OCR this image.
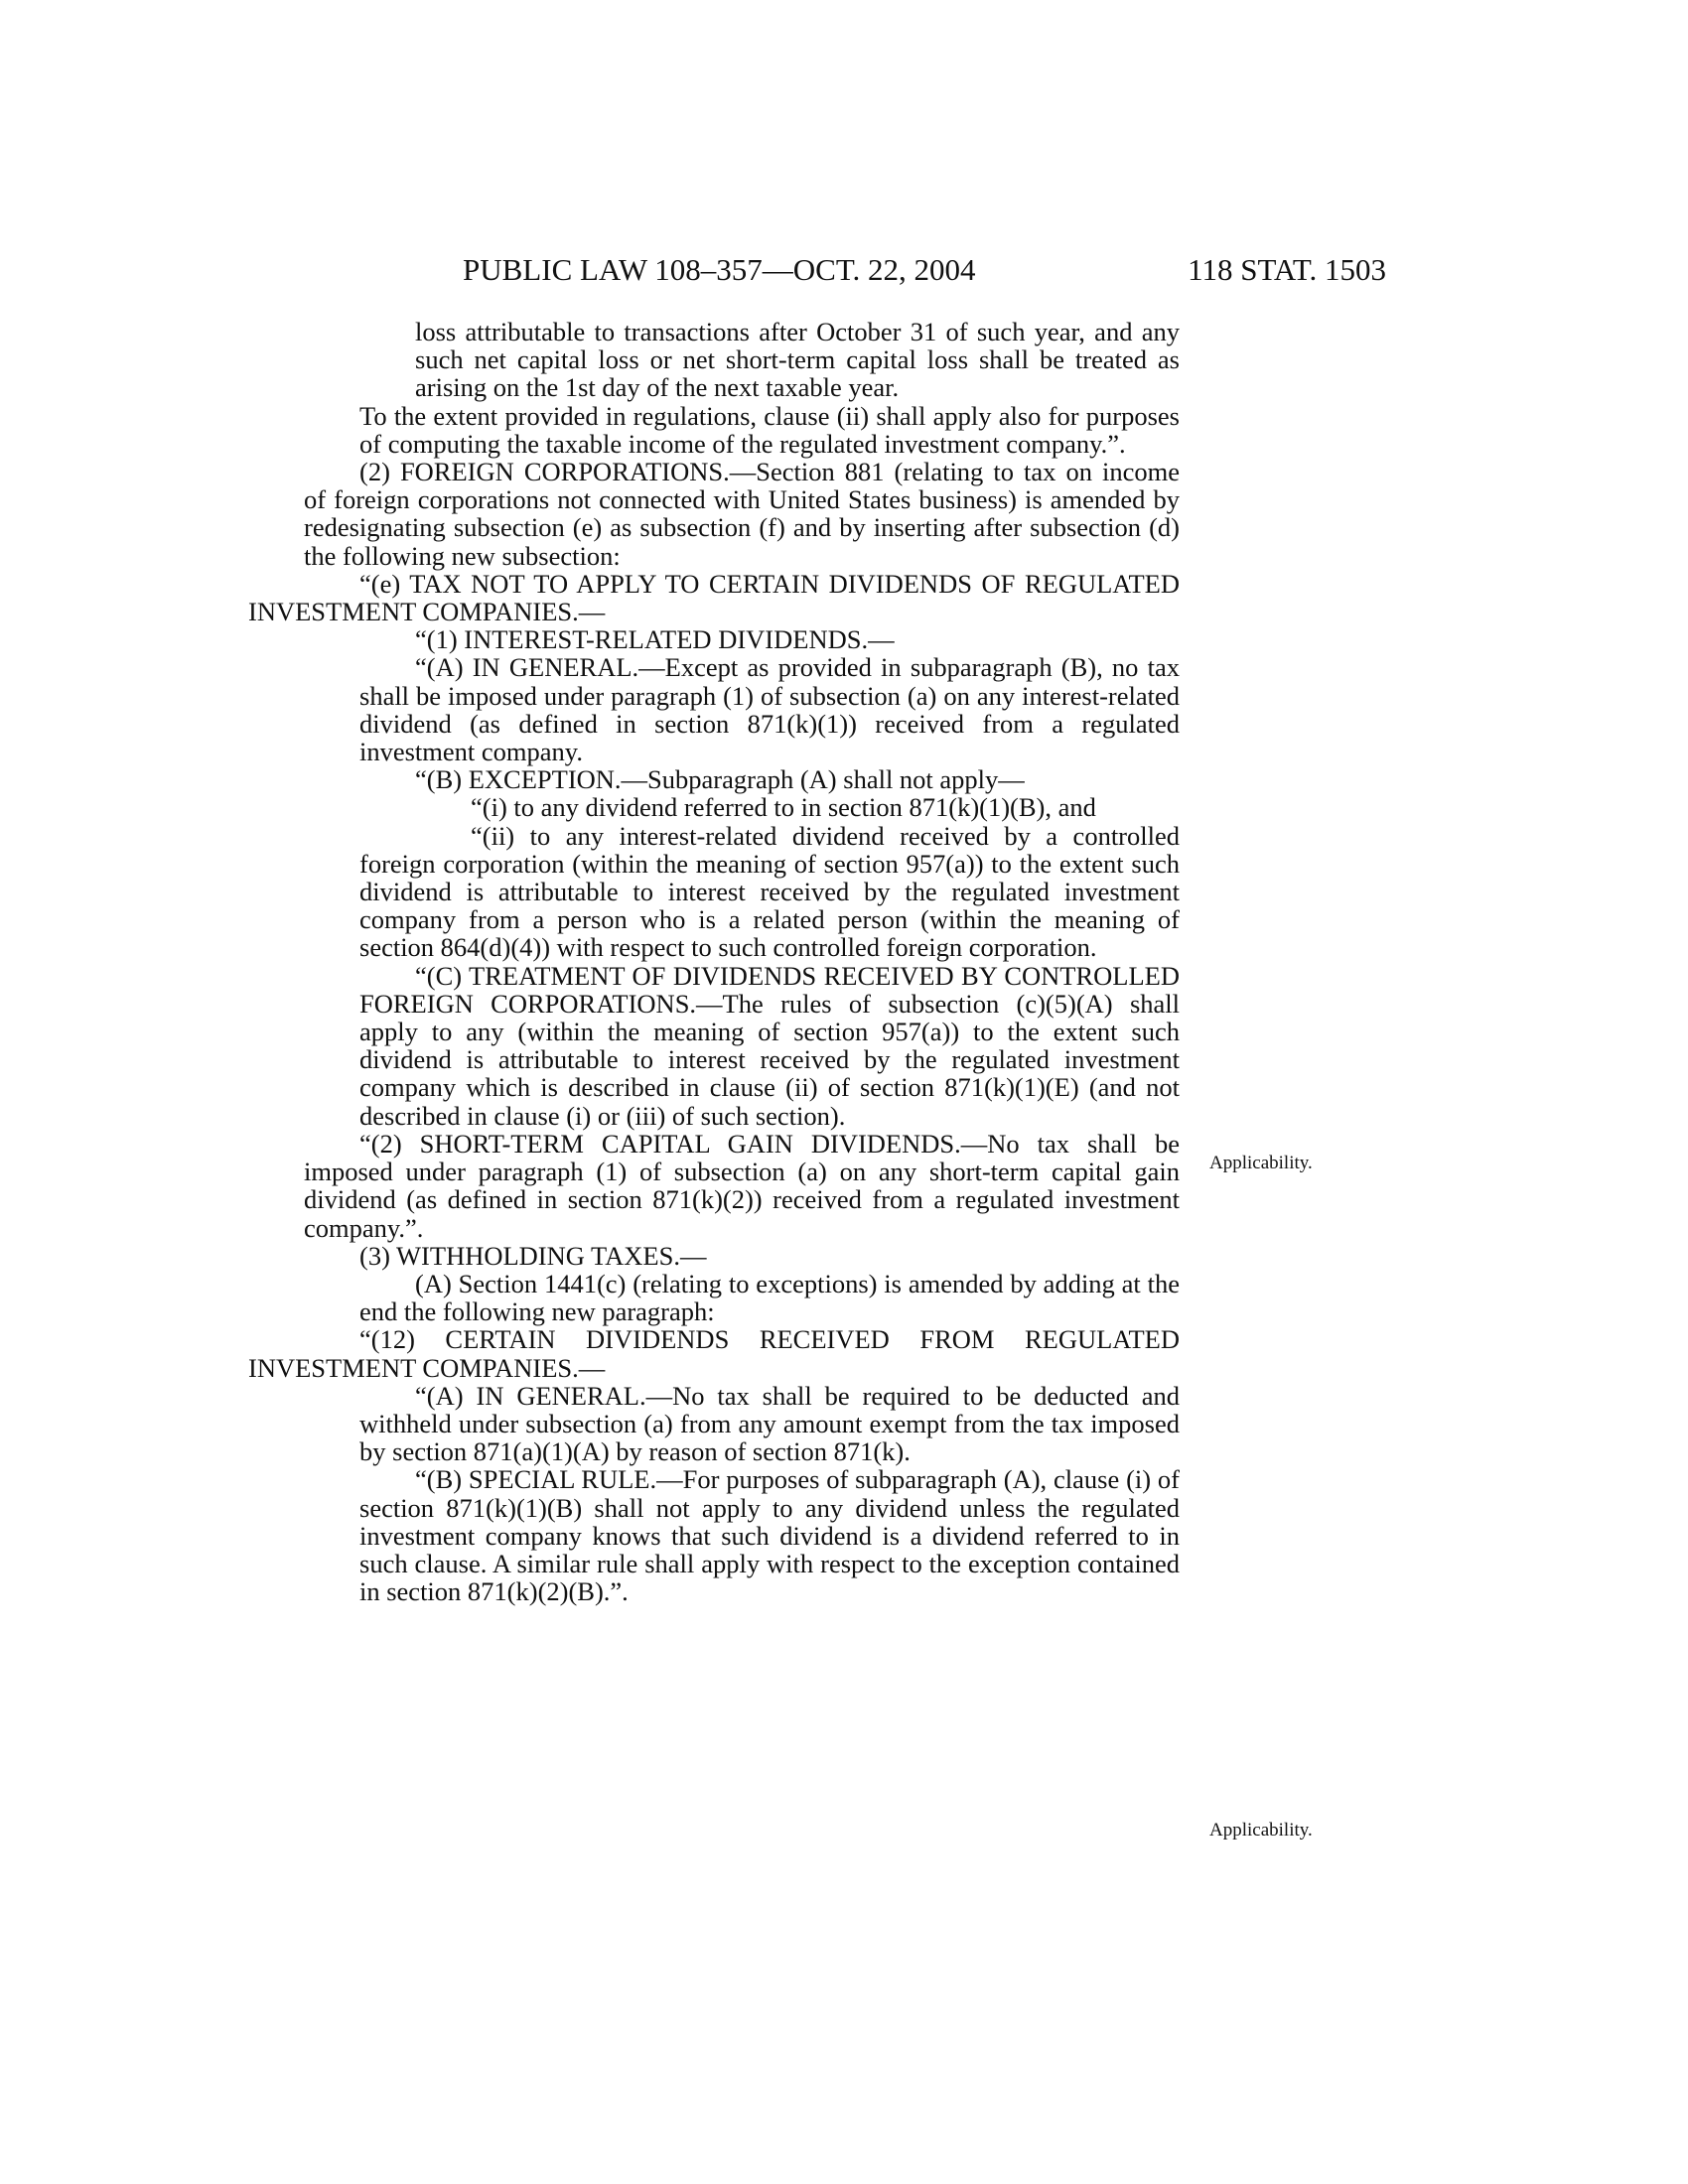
PUBLIC LAW 108–357—OCT. 22, 2004	118 STAT. 1503

loss attributable to transactions after October 31 of such year, and any such net capital loss or net short-term capital loss shall be treated as arising on the 1st day of the next taxable year.

To the extent provided in regulations, clause (ii) shall apply also for purposes of computing the taxable income of the regulated investment company.”.

(2) FOREIGN CORPORATIONS.—Section 881 (relating to tax on income of foreign corporations not connected with United States business) is amended by redesignating subsection (e) as subsection (f) and by inserting after subsection (d) the following new subsection:

“(e) TAX NOT TO APPLY TO CERTAIN DIVIDENDS OF REGULATED INVESTMENT COMPANIES.—

“(1) INTEREST-RELATED DIVIDENDS.—

“(A) IN GENERAL.—Except as provided in subparagraph (B), no tax shall be imposed under paragraph (1) of subsection (a) on any interest-related dividend (as defined in section 871(k)(1)) received from a regulated investment company.

“(B) EXCEPTION.—Subparagraph (A) shall not apply—

“(i) to any dividend referred to in section 871(k)(1)(B), and

“(ii) to any interest-related dividend received by a controlled foreign corporation (within the meaning of section 957(a)) to the extent such dividend is attributable to interest received by the regulated investment company from a person who is a related person (within the meaning of section 864(d)(4)) with respect to such controlled foreign corporation.

“(C) TREATMENT OF DIVIDENDS RECEIVED BY CONTROLLED FOREIGN CORPORATIONS.—The rules of subsection (c)(5)(A) shall apply to any (within the meaning of section 957(a)) to the extent such dividend is attributable to interest received by the regulated investment company which is described in clause (ii) of section 871(k)(1)(E) (and not described in clause (i) or (iii) of such section).

“(2) SHORT-TERM CAPITAL GAIN DIVIDENDS.—No tax shall be imposed under paragraph (1) of subsection (a) on any short-term capital gain dividend (as defined in section 871(k)(2)) received from a regulated investment company.”.

(3) WITHHOLDING TAXES.—

(A) Section 1441(c) (relating to exceptions) is amended by adding at the end the following new paragraph:

“(12) CERTAIN DIVIDENDS RECEIVED FROM REGULATED INVESTMENT COMPANIES.—

“(A) IN GENERAL.—No tax shall be required to be deducted and withheld under subsection (a) from any amount exempt from the tax imposed by section 871(a)(1)(A) by reason of section 871(k).

“(B) SPECIAL RULE.—For purposes of subparagraph (A), clause (i) of section 871(k)(1)(B) shall not apply to any dividend unless the regulated investment company knows that such dividend is a dividend referred to in such clause. A similar rule shall apply with respect to the exception contained in section 871(k)(2)(B).”.

Applicability.
Applicability.
